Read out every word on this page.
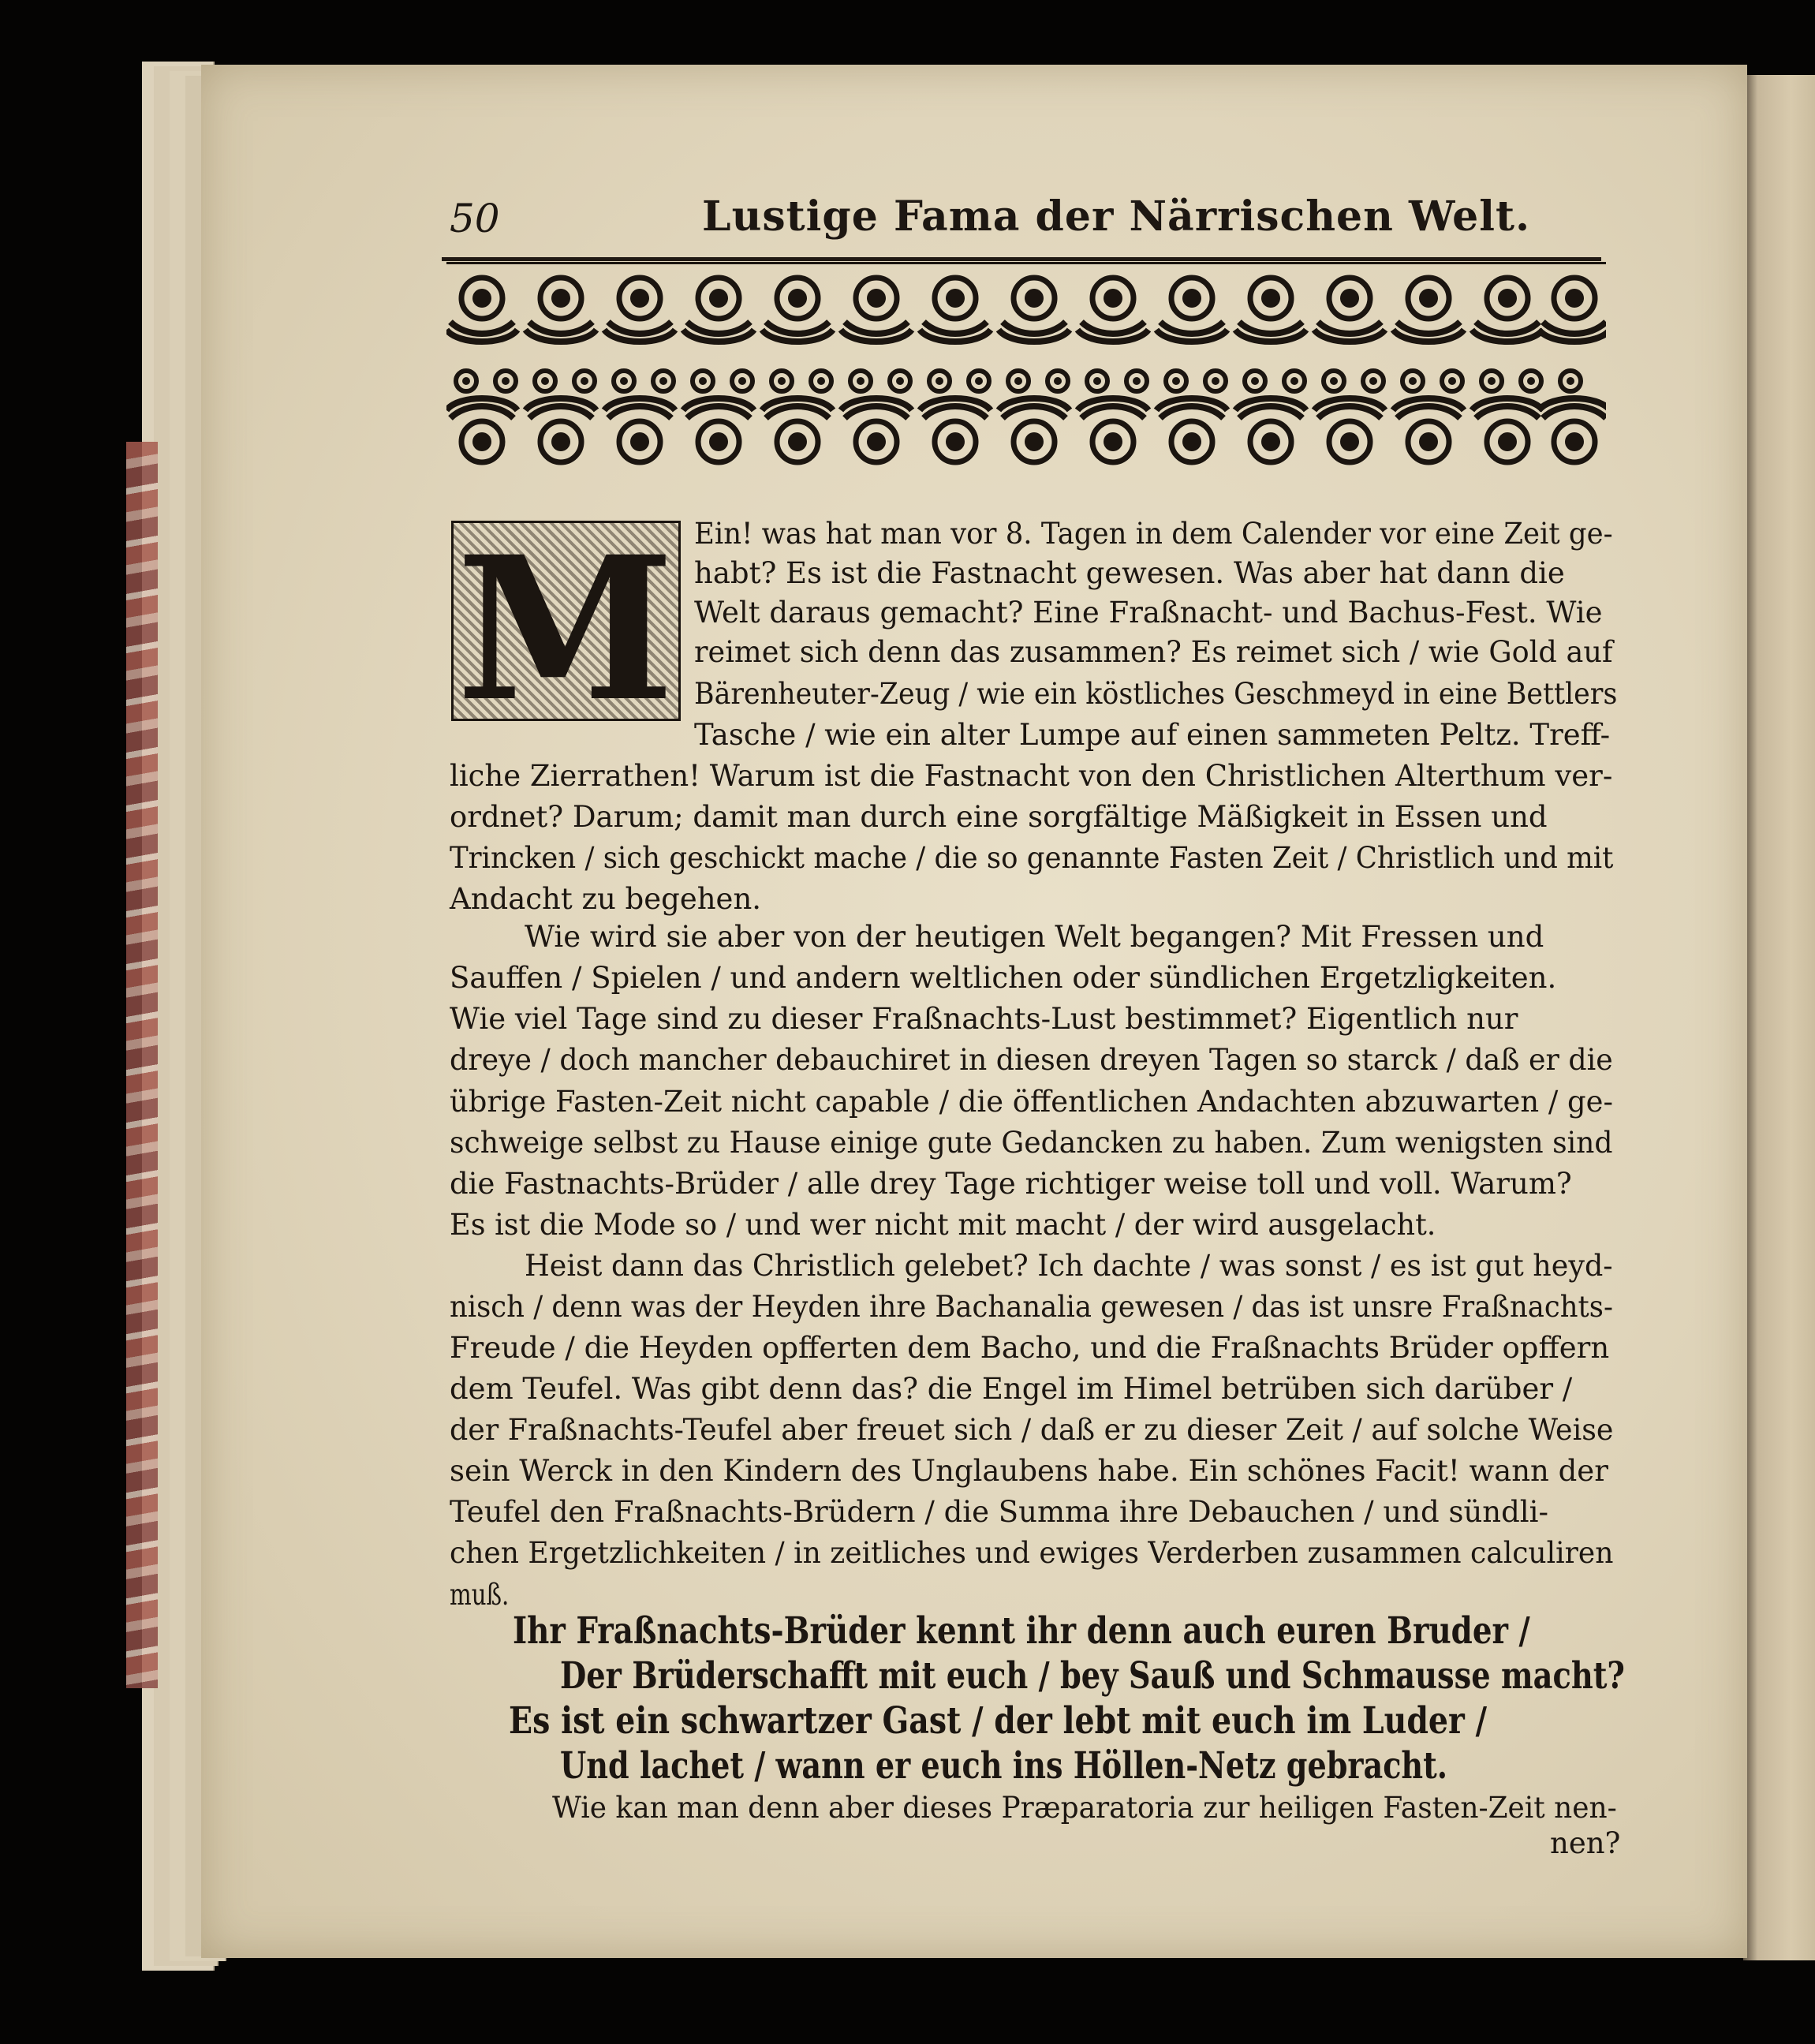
50	Lustige Fama der Närrischen Welt.
M Ein! was hat man vor 8. Tagen in dem Calender vor eine Zeit ge-
habt? Es ist die Fastnacht gewesen. Was aber hat dann die
Welt daraus gemacht? Eine Fraßnacht- und Bachus-Fest. Wie
reimet sich denn das zusammen? Es reimet sich / wie Gold auf
Bärenheuter-Zeug / wie ein köstliches Geschmeyd in eine Bettlers
Tasche / wie ein alter Lumpe auf einen sammeten Peltz. Treff-
liche Zierrathen! Warum ist die Fastnacht von den Christlichen Alterthum ver-
ordnet? Darum; damit man durch eine sorgfältige Mäßigkeit in Essen und
Trincken / sich geschickt mache / die so genannte Fasten Zeit / Christlich und mit
Andacht zu begehen.
Wie wird sie aber von der heutigen Welt begangen? Mit Fressen und
Sauffen / Spielen / und andern weltlichen oder sündlichen Ergetzligkeiten.
Wie viel Tage sind zu dieser Fraßnachts-Lust bestimmet? Eigentlich nur
dreye / doch mancher debauchiret in diesen dreyen Tagen so starck / daß er die
übrige Fasten-Zeit nicht capable / die öffentlichen Andachten abzuwarten / ge-
schweige selbst zu Hause einige gute Gedancken zu haben. Zum wenigsten sind
die Fastnachts-Brüder / alle drey Tage richtiger weise toll und voll. Warum?
Es ist die Mode so / und wer nicht mit macht / der wird ausgelacht.
Heist dann das Christlich gelebet? Ich dachte / was sonst / es ist gut heyd-
nisch / denn was der Heyden ihre Bachanalia gewesen / das ist unsre Fraßnachts-
Freude / die Heyden opfferten dem Bacho, und die Fraßnachts Brüder opffern
dem Teufel. Was gibt denn das? die Engel im Himel betrüben sich darüber /
der Fraßnachts-Teufel aber freuet sich / daß er zu dieser Zeit / auf solche Weise
sein Werck in den Kindern des Unglaubens habe. Ein schönes Facit! wann der
Teufel den Fraßnachts-Brüdern / die Summa ihre Debauchen / und sündli-
chen Ergetzlichkeiten / in zeitliches und ewiges Verderben zusammen calculiren
muß.
Ihr Fraßnachts-Brüder kennt ihr denn auch euren Bruder /
Der Brüderschafft mit euch / bey Sauß und Schmausse macht?
Es ist ein schwartzer Gast / der lebt mit euch im Luder /
Und lachet / wann er euch ins Höllen-Netz gebracht.
Wie kan man denn aber dieses Præparatoria zur heiligen Fasten-Zeit nen-
nen?
